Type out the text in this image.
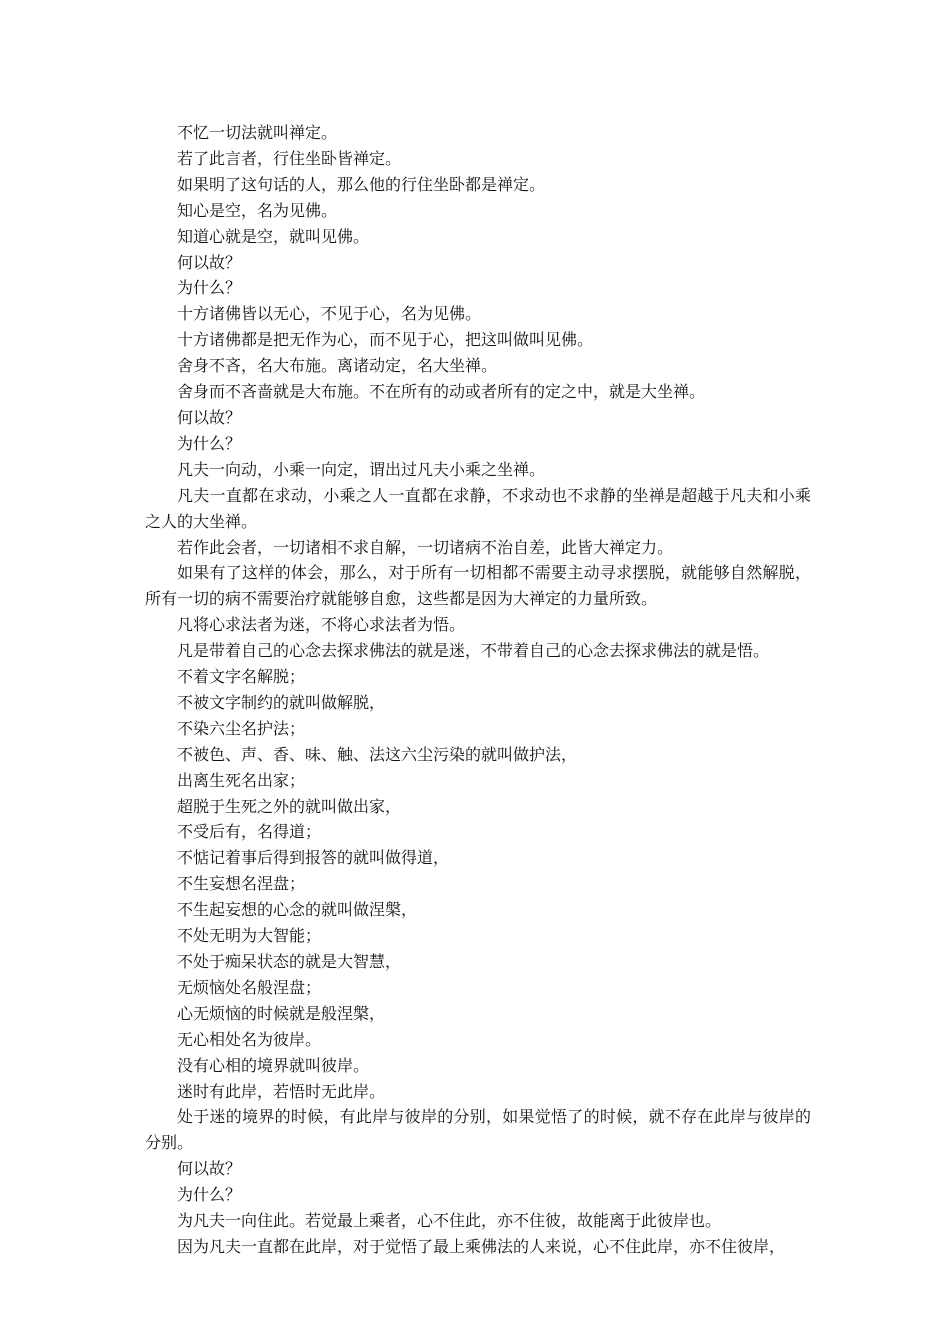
不忆一切法就叫禅定。

若了此言者，行住坐卧皆禅定。

如果明了这句话的人，那么他的行住坐卧都是禅定。

知心是空，名为见佛。

知道心就是空，就叫见佛。

何以故？

为什么？

十方诸佛皆以无心，不见于心，名为见佛。

十方诸佛都是把无作为心，而不见于心，把这叫做叫见佛。

舍身不吝，名大布施。离诸动定，名大坐禅。

舍身而不吝啬就是大布施。不在所有的动或者所有的定之中，就是大坐禅。

何以故？

为什么？

凡夫一向动，小乘一向定，谓出过凡夫小乘之坐禅。

凡夫一直都在求动，小乘之人一直都在求静，不求动也不求静的坐禅是超越于凡夫和小乘之人的大坐禅。

若作此会者，一切诸相不求自解，一切诸病不治自差，此皆大禅定力。

如果有了这样的体会，那么，对于所有一切相都不需要主动寻求摆脱，就能够自然解脱，所有一切的病不需要治疗就能够自愈，这些都是因为大禅定的力量所致。

凡将心求法者为迷，不将心求法者为悟。

凡是带着自己的心念去探求佛法的就是迷，不带着自己的心念去探求佛法的就是悟。

不着文字名解脱；

不被文字制约的就叫做解脱，

不染六尘名护法；

不被色、声、香、味、触、法这六尘污染的就叫做护法，

出离生死名出家；

超脱于生死之外的就叫做出家，

不受后有，名得道；

不惦记着事后得到报答的就叫做得道，

不生妄想名涅盘；

不生起妄想的心念的就叫做涅槃，

不处无明为大智能；

不处于痴呆状态的就是大智慧，

无烦恼处名般涅盘；

心无烦恼的时候就是般涅槃，

无心相处名为彼岸。

没有心相的境界就叫彼岸。

迷时有此岸，若悟时无此岸。

处于迷的境界的时候，有此岸与彼岸的分别，如果觉悟了的时候，就不存在此岸与彼岸的分别。

何以故？

为什么？

为凡夫一向住此。若觉最上乘者，心不住此，亦不住彼，故能离于此彼岸也。

因为凡夫一直都在此岸，对于觉悟了最上乘佛法的人来说，心不住此岸，亦不住彼岸，
